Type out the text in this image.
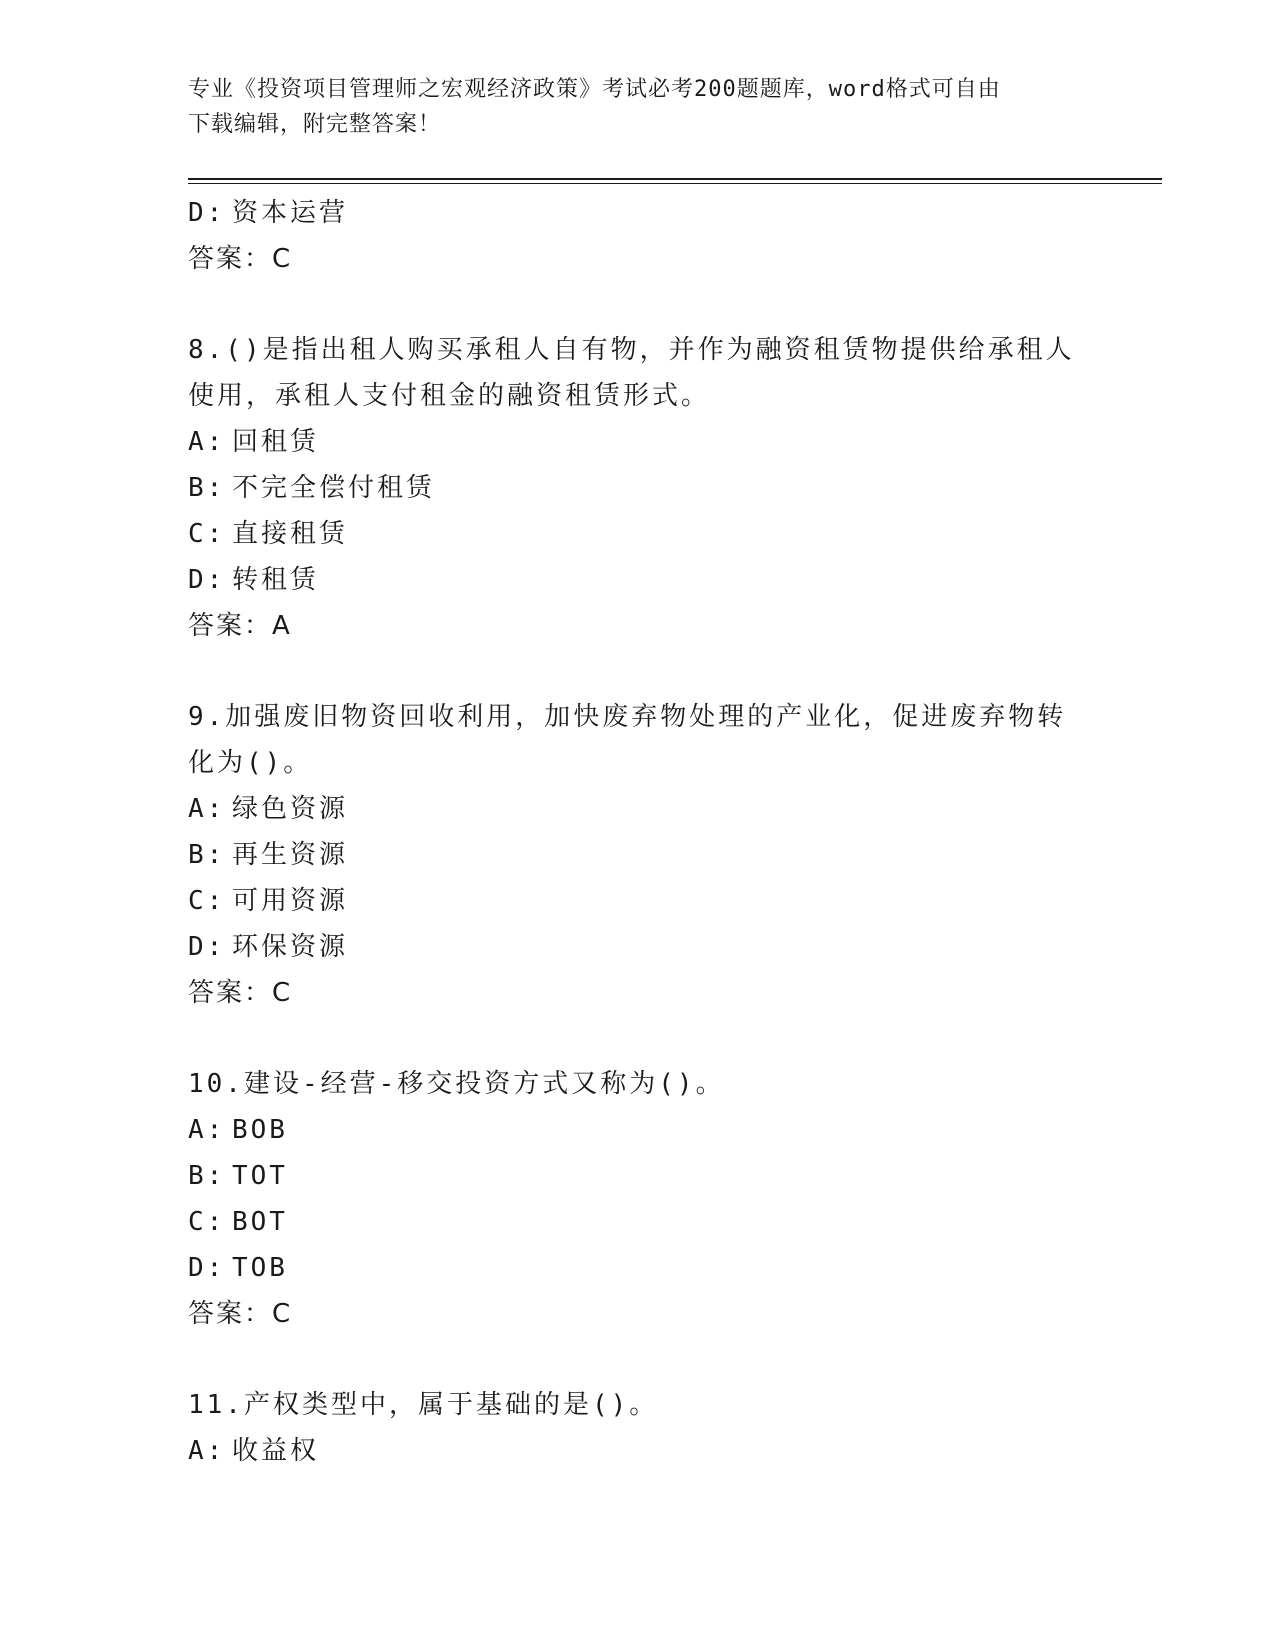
专业《投资项目管理师之宏观经济政策》考试必考200题题库，word格式可自由
下载编辑，附完整答案！
D: 资本运营
答案：C
8.()是指出租人购买承租人自有物，并作为融资租赁物提供给承租人
使用，承租人支付租金的融资租赁形式。
A: 回租赁
B: 不完全偿付租赁
C: 直接租赁
D: 转租赁
答案：A
9.加强废旧物资回收利用，加快废弃物处理的产业化，促进废弃物转
化为()。
A: 绿色资源
B: 再生资源
C: 可用资源
D: 环保资源
答案：C
10.建设-经营-移交投资方式又称为()。
A: BOB
B: TOT
C: BOT
D: TOB
答案：C
11.产权类型中，属于基础的是()。
A: 收益权
